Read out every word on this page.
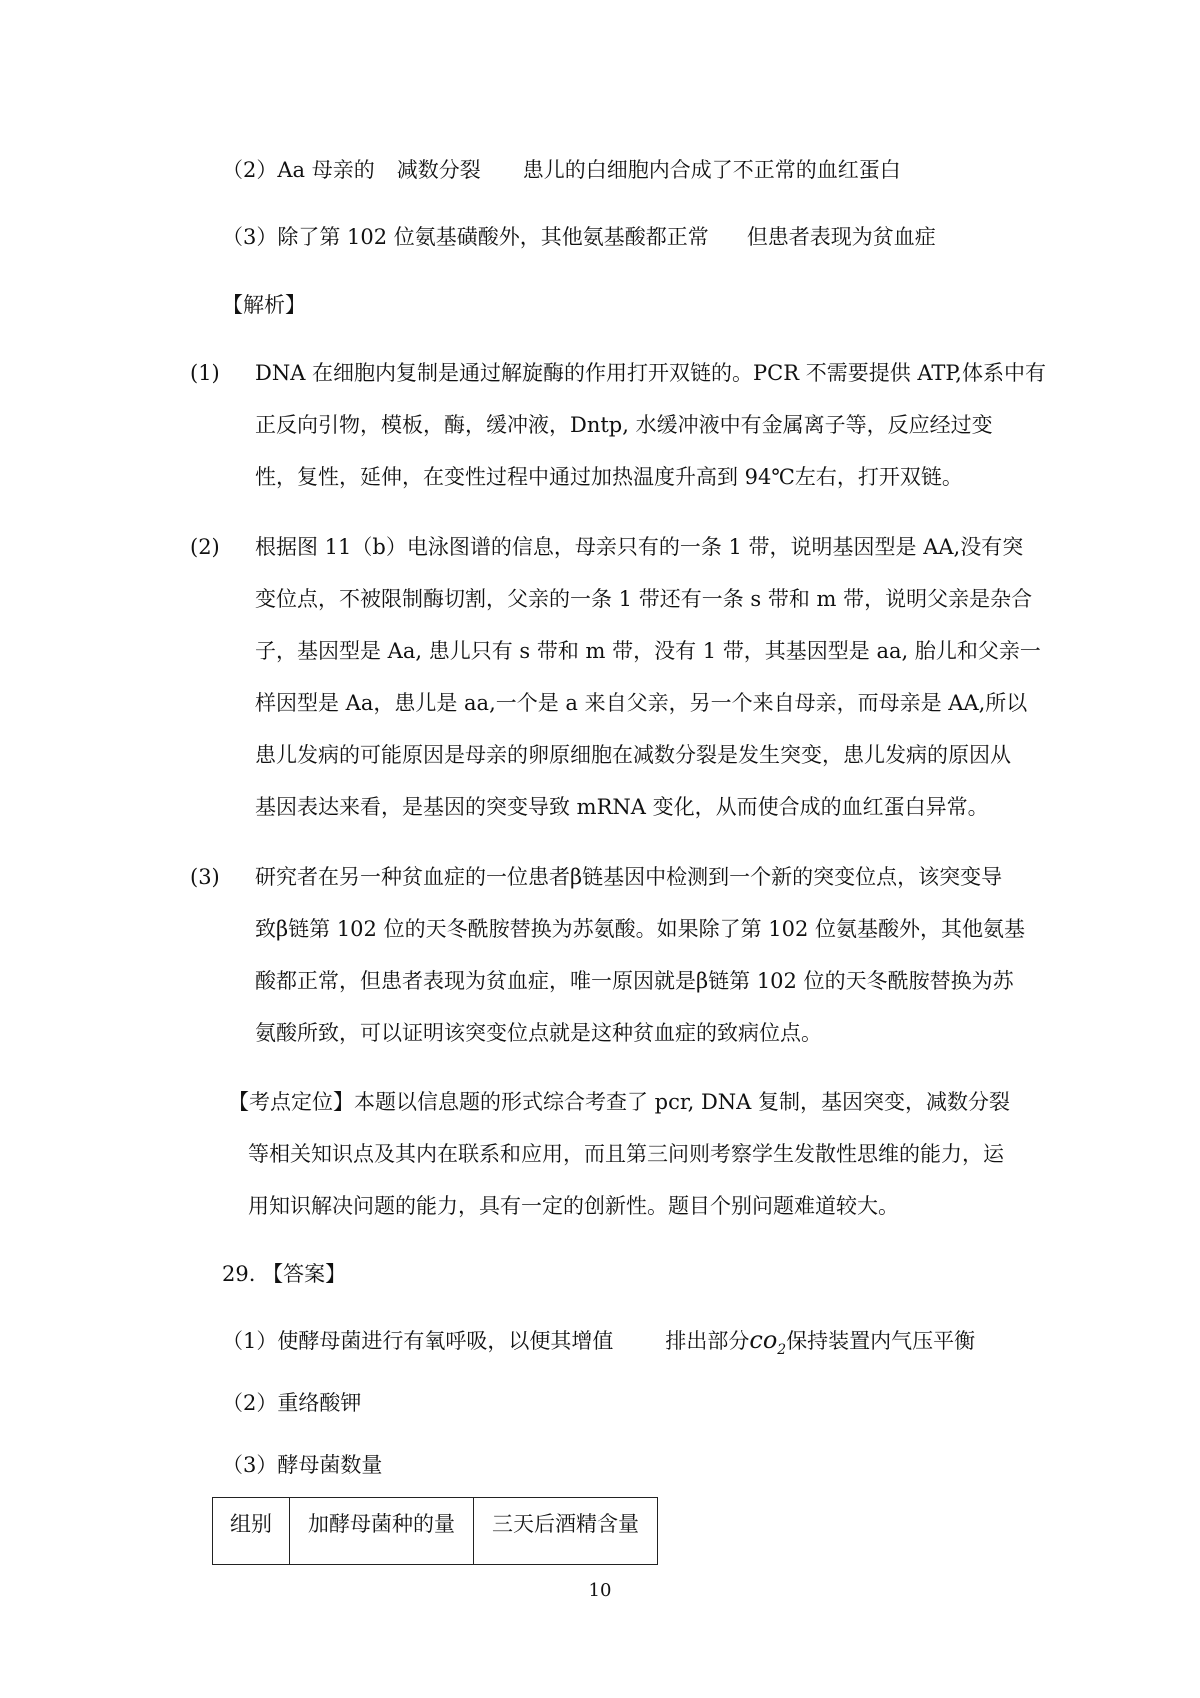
（2）Aa 母亲的 减数分裂 患儿的白细胞内合成了不正常的血红蛋白
（3）除了第 102 位氨基磺酸外，其他氨基酸都正常 但患者表现为贫血症
【解析】
(1) DNA 在细胞内复制是通过解旋酶的作用打开双链的。PCR 不需要提供 ATP,体系中有
正反向引物，模板，酶，缓冲液，Dntp, 水缓冲液中有金属离子等，反应经过变
性，复性，延伸，在变性过程中通过加热温度升高到 94℃左右，打开双链。
(2) 根据图 11（b）电泳图谱的信息，母亲只有的一条 1 带，说明基因型是 AA,没有突
变位点，不被限制酶切割，父亲的一条 1 带还有一条 s 带和 m 带，说明父亲是杂合
子，基因型是 Aa, 患儿只有 s 带和 m 带，没有 1 带，其基因型是 aa, 胎儿和父亲一
样因型是 Aa，患儿是 aa,一个是 a 来自父亲，另一个来自母亲，而母亲是 AA,所以
患儿发病的可能原因是母亲的卵原细胞在减数分裂是发生突变，患儿发病的原因从
基因表达来看，是基因的突变导致 mRNA 变化，从而使合成的血红蛋白异常。
(3) 研究者在另一种贫血症的一位患者β链基因中检测到一个新的突变位点，该突变导
致β链第 102 位的天冬酰胺替换为苏氨酸。如果除了第 102 位氨基酸外，其他氨基
酸都正常，但患者表现为贫血症，唯一原因就是β链第 102 位的天冬酰胺替换为苏
氨酸所致，可以证明该突变位点就是这种贫血症的致病位点。
【考点定位】本题以信息题的形式综合考查了 pcr, DNA 复制，基因突变，减数分裂
等相关知识点及其内在联系和应用，而且第三问则考察学生发散性思维的能力，运
用知识解决问题的能力，具有一定的创新性。题目个别问题难道较大。
29. 【答案】
（1）使酵母菌进行有氧呼吸，以便其增值 排出部分$co_2$保持装置内气压平衡
（2）重络酸钾
（3）酵母菌数量
组别	加酵母菌种的量	三天后酒精含量
10
